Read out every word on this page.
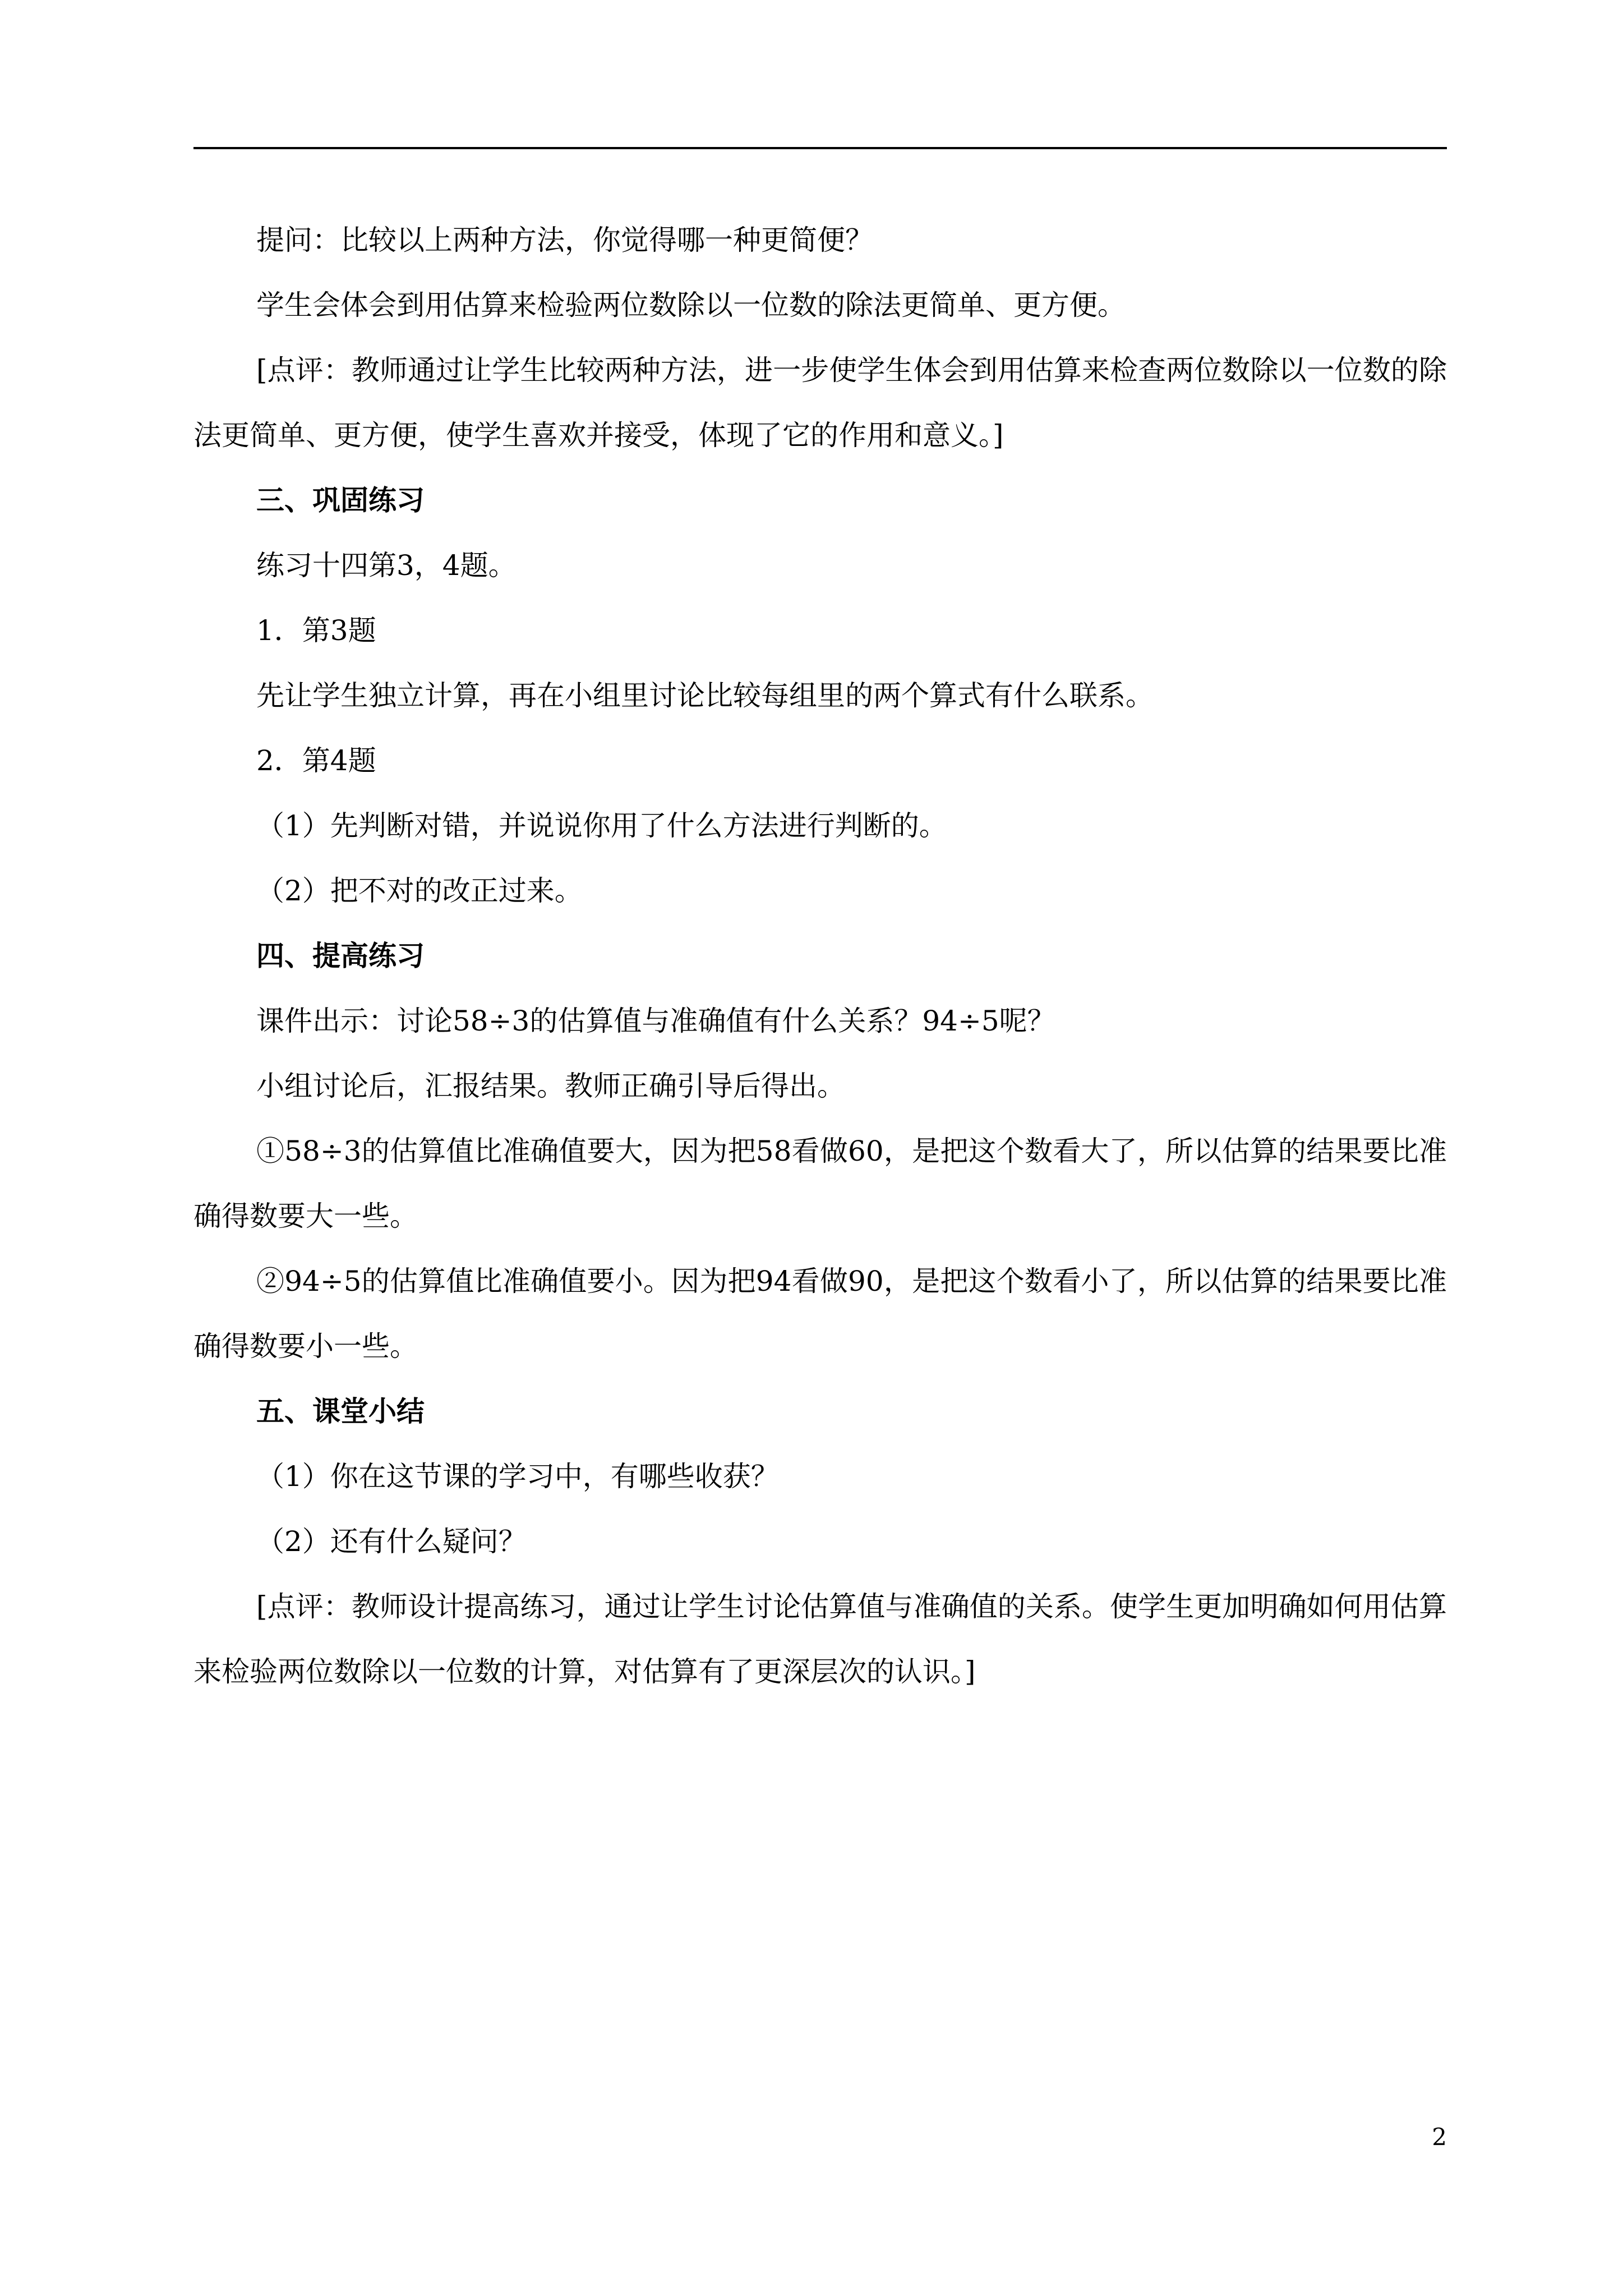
提问：比较以上两种方法，你觉得哪一种更简便？

学生会体会到用估算来检验两位数除以一位数的除法更简单、更方便。

[点评：教师通过让学生比较两种方法，进一步使学生体会到用估算来检查两位数除以一位数的除法更简单、更方便，使学生喜欢并接受，体现了它的作用和意义。]

三、巩固练习

练习十四第3，4题。

1．第3题

先让学生独立计算，再在小组里讨论比较每组里的两个算式有什么联系。

2．第4题

（1）先判断对错，并说说你用了什么方法进行判断的。

（2）把不对的改正过来。

四、提高练习

课件出示：讨论58÷3的估算值与准确值有什么关系？94÷5呢？

小组讨论后，汇报结果。教师正确引导后得出。

①58÷3的估算值比准确值要大，因为把58看做60，是把这个数看大了，所以估算的结果要比准确得数要大一些。

②94÷5的估算值比准确值要小。因为把94看做90，是把这个数看小了，所以估算的结果要比准确得数要小一些。

五、课堂小结

（1）你在这节课的学习中，有哪些收获？

（2）还有什么疑问？

[点评：教师设计提高练习，通过让学生讨论估算值与准确值的关系。使学生更加明确如何用估算来检验两位数除以一位数的计算，对估算有了更深层次的认识。]

2
